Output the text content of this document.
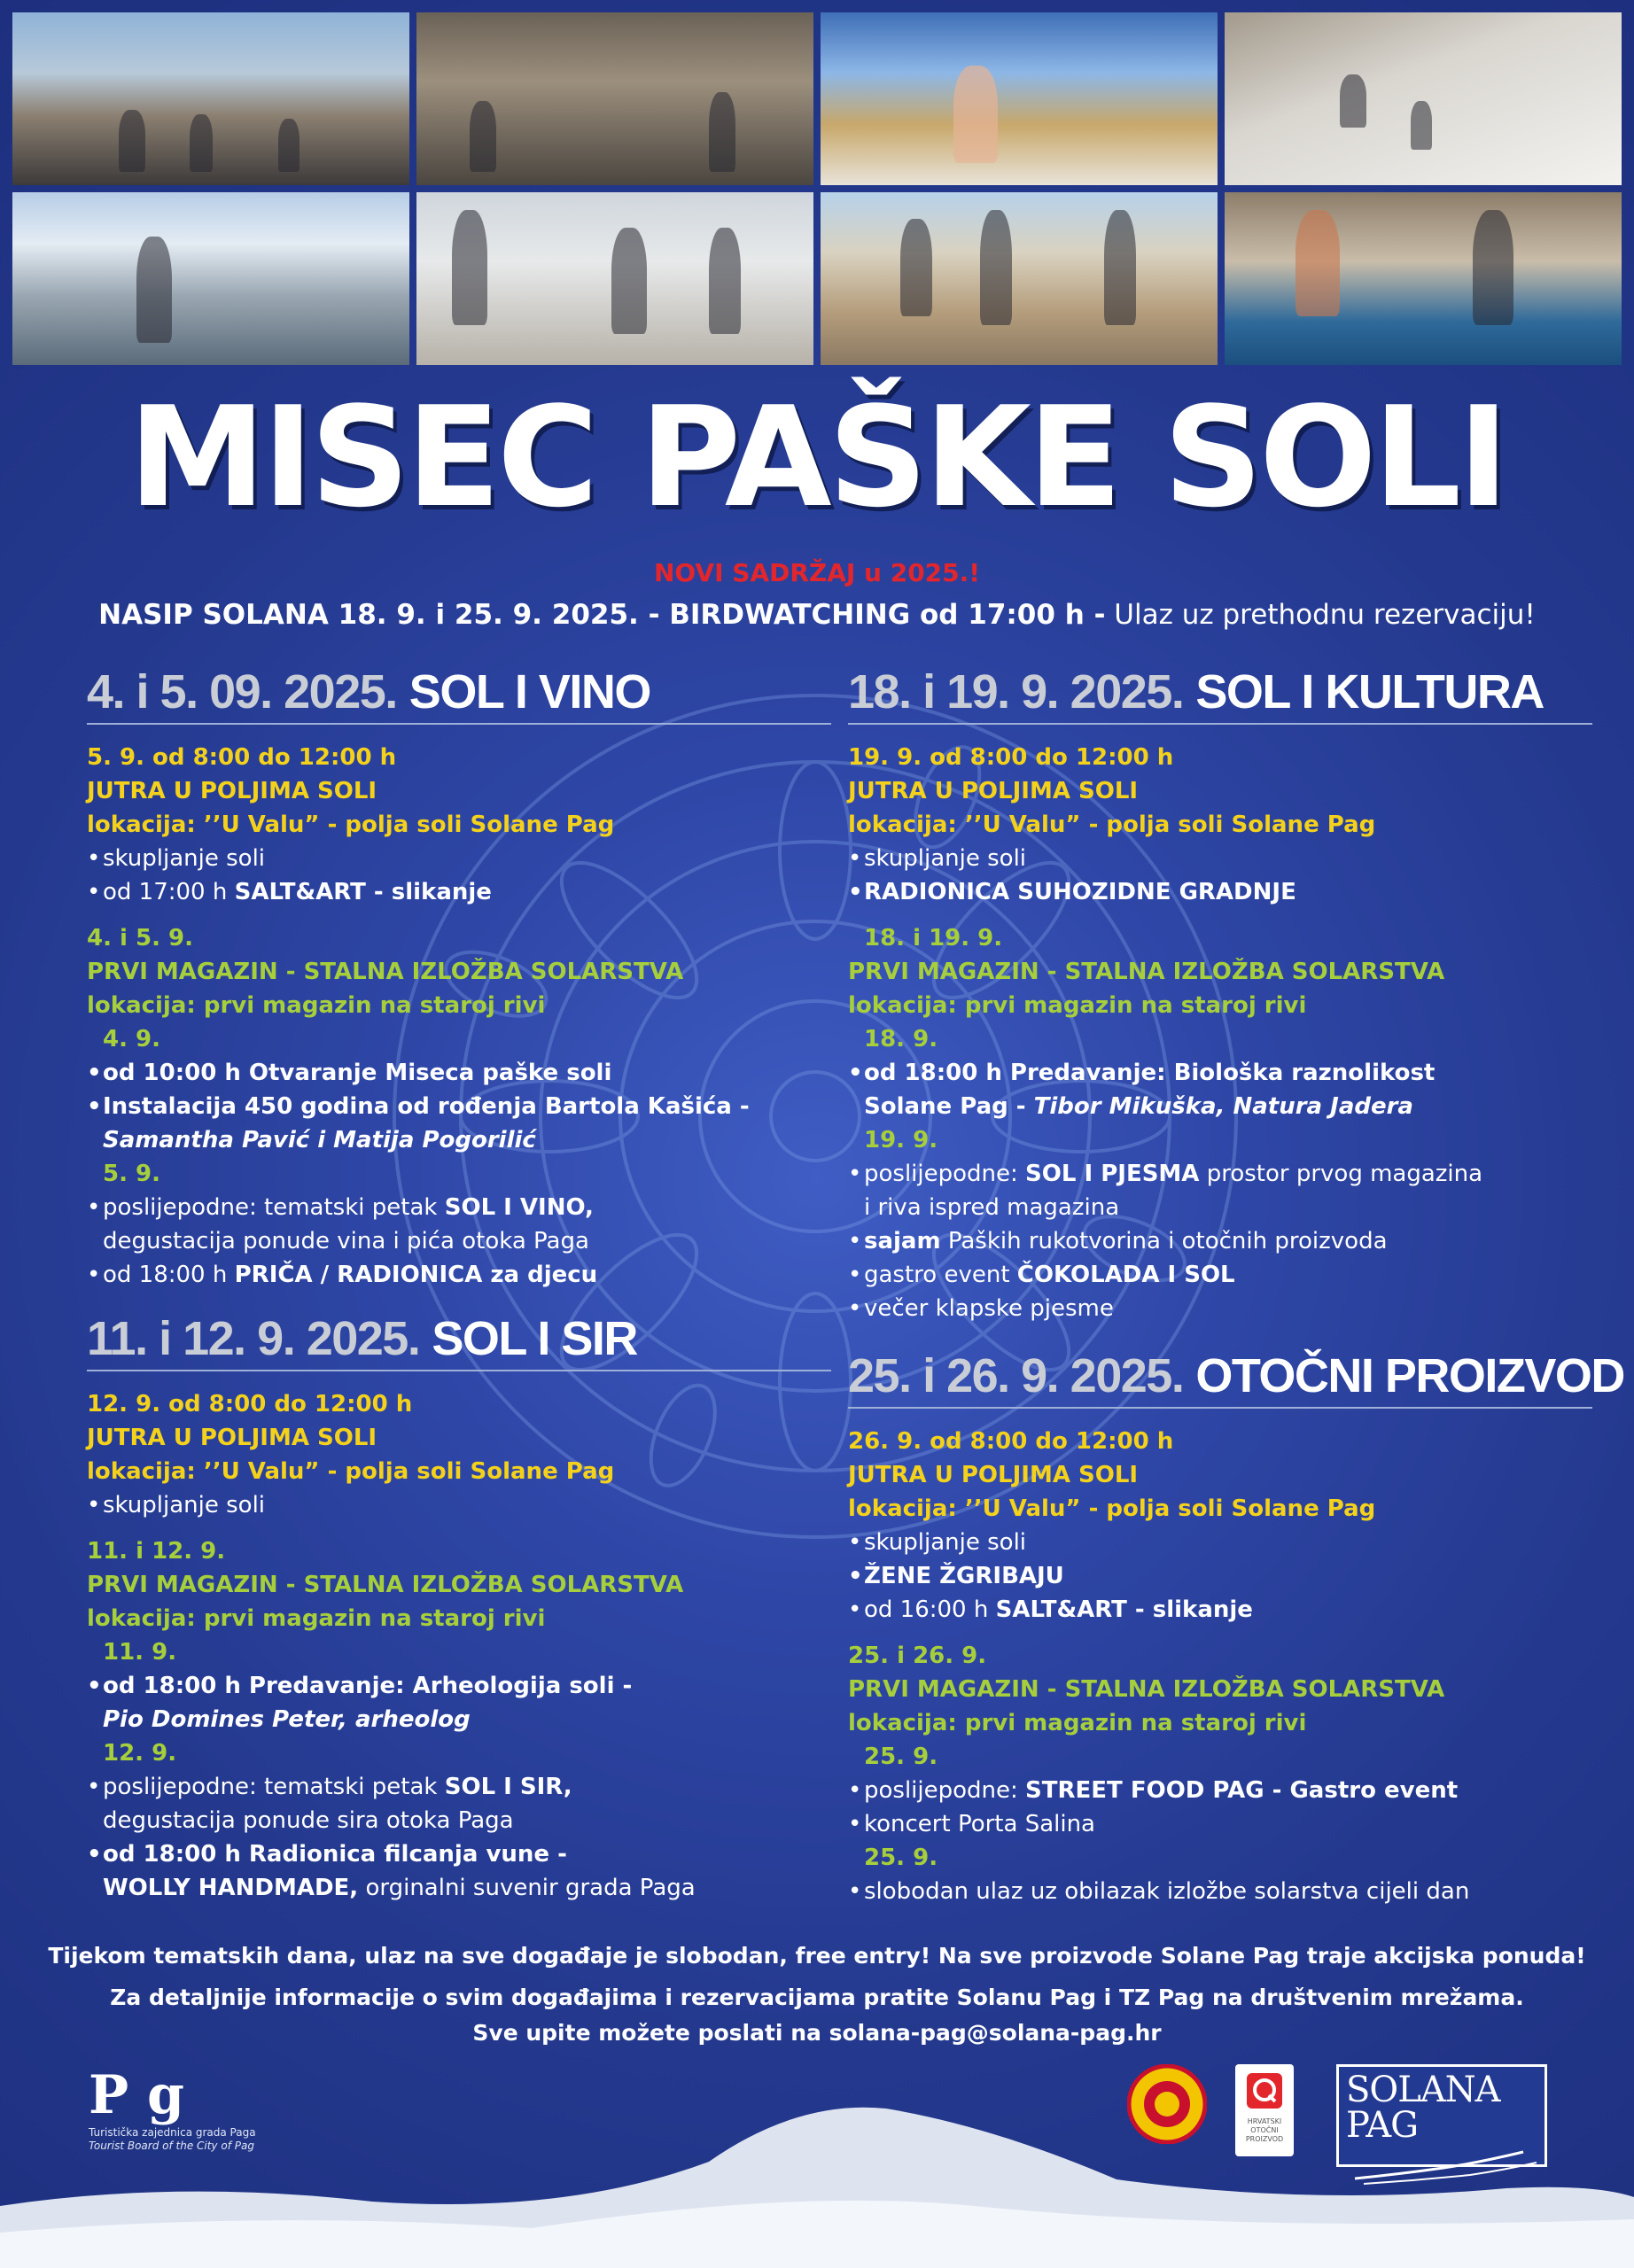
MISEC PAŠKE SOLI
NOVI SADRŽAJ u 2025.!
NASIP SOLANA 18. 9. i 25. 9. 2025. - BIRDWATCHING od 17:00 h - Ulaz uz prethodnu rezervaciju!
4. i 5. 09. 2025. SOL I VINO
5. 9. od 8:00 do 12:00 h
JUTRA U POLJIMA SOLI
lokacija: ’’U Valu” - polja soli Solane Pag
• skupljanje soli
• od 17:00 h SALT&ART - slikanje
4. i 5. 9.
PRVI MAGAZIN - STALNA IZLOŽBA SOLARSTVA
lokacija: prvi magazin na staroj rivi
4. 9.
• od 10:00 h Otvaranje Miseca paške soli
• Instalacija 450 godina od rođenja Bartola Kašića -
Samantha Pavić i Matija Pogorilić
5. 9.
• poslijepodne: tematski petak SOL I VINO,
degustacija ponude vina i pića otoka Paga
• od 18:00 h PRIČA / RADIONICA za djecu
11. i 12. 9. 2025. SOL I SIR
12. 9. od 8:00 do 12:00 h
JUTRA U POLJIMA SOLI
lokacija: ’’U Valu” - polja soli Solane Pag
• skupljanje soli
11. i 12. 9.
PRVI MAGAZIN - STALNA IZLOŽBA SOLARSTVA
lokacija: prvi magazin na staroj rivi
11. 9.
• od 18:00 h Predavanje: Arheologija soli -
Pio Domines Peter, arheolog
12. 9.
• poslijepodne: tematski petak SOL I SIR,
degustacija ponude sira otoka Paga
• od 18:00 h Radionica filcanja vune -
WOLLY HANDMADE, orginalni suvenir grada Paga
18. i 19. 9. 2025. SOL I KULTURA
19. 9. od 8:00 do 12:00 h
JUTRA U POLJIMA SOLI
lokacija: ’’U Valu” - polja soli Solane Pag
• skupljanje soli
• RADIONICA SUHOZIDNE GRADNJE
18. i 19. 9.
PRVI MAGAZIN - STALNA IZLOŽBA SOLARSTVA
lokacija: prvi magazin na staroj rivi
18. 9.
• od 18:00 h Predavanje: Biološka raznolikost
Solane Pag - Tibor Mikuška, Natura Jadera
19. 9.
• poslijepodne: SOL I PJESMA prostor prvog magazina
i riva ispred magazina
• sajam Paških rukotvorina i otočnih proizvoda
• gastro event ČOKOLADA I SOL
• večer klapske pjesme
25. i 26. 9. 2025. OTOČNI PROIZVOD
26. 9. od 8:00 do 12:00 h
JUTRA U POLJIMA SOLI
lokacija: ’’U Valu” - polja soli Solane Pag
• skupljanje soli
• ŽENE ŽGRIBAJU
• od 16:00 h SALT&ART - slikanje
25. i 26. 9.
PRVI MAGAZIN - STALNA IZLOŽBA SOLARSTVA
lokacija: prvi magazin na staroj rivi
25. 9.
• poslijepodne: STREET FOOD PAG - Gastro event
• koncert Porta Salina
25. 9.
• slobodan ulaz uz obilazak izložbe solarstva cijeli dan
Tijekom tematskih dana, ulaz na sve događaje je slobodan, free entry! Na sve proizvode Solane Pag traje akcijska ponuda!
Za detaljnije informacije o svim događajima i rezervacijama pratite Solanu Pag i TZ Pag na društvenim mrežama.
Sve upite možete poslati na solana-pag@solana-pag.hr
P g
Turistička zajednica grada Paga
Tourist Board of the City of Pag
HRVATSKI OTOČNI PROIZVOD
SOLANA PAG
